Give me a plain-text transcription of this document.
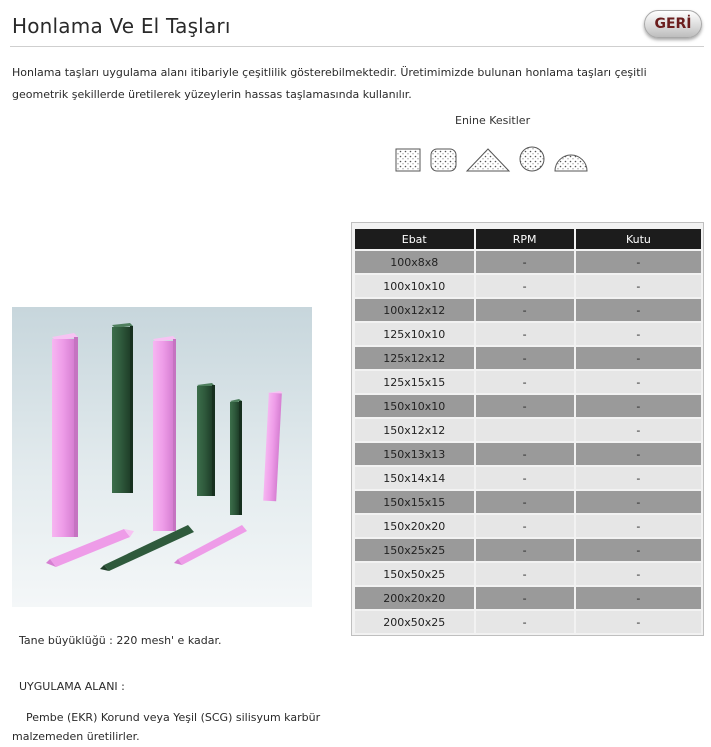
Honlama Ve El Taşları	GERİ

Honlama taşları uygulama alanı itibariyle çeşitlilik gösterebilmektedir. Üretimimizde bulunan honlama taşları çeşitli geometrik şekillerde üretilerek yüzeylerin hassas taşlamasında kullanılır.

Enine Kesitler
Ebat	RPM	Kutu
100x8x8	-	-
100x10x10	-	-
100x12x12	-	-
125x10x10	-	-
125x12x12	-	-
125x15x15	-	-
150x10x10	-	-
150x12x12		-
150x13x13	-	-
150x14x14	-	-
150x15x15	-	-
150x20x20	-	-
150x25x25	-	-
150x50x25	-	-
200x20x20	-	-
200x50x25	-	-
Tane büyüklüğü : 220 mesh' e kadar.
UYGULAMA ALANI :
Pembe (EKR) Korund veya Yeşil (SCG) silisyum karbür malzemeden üretilirler.
